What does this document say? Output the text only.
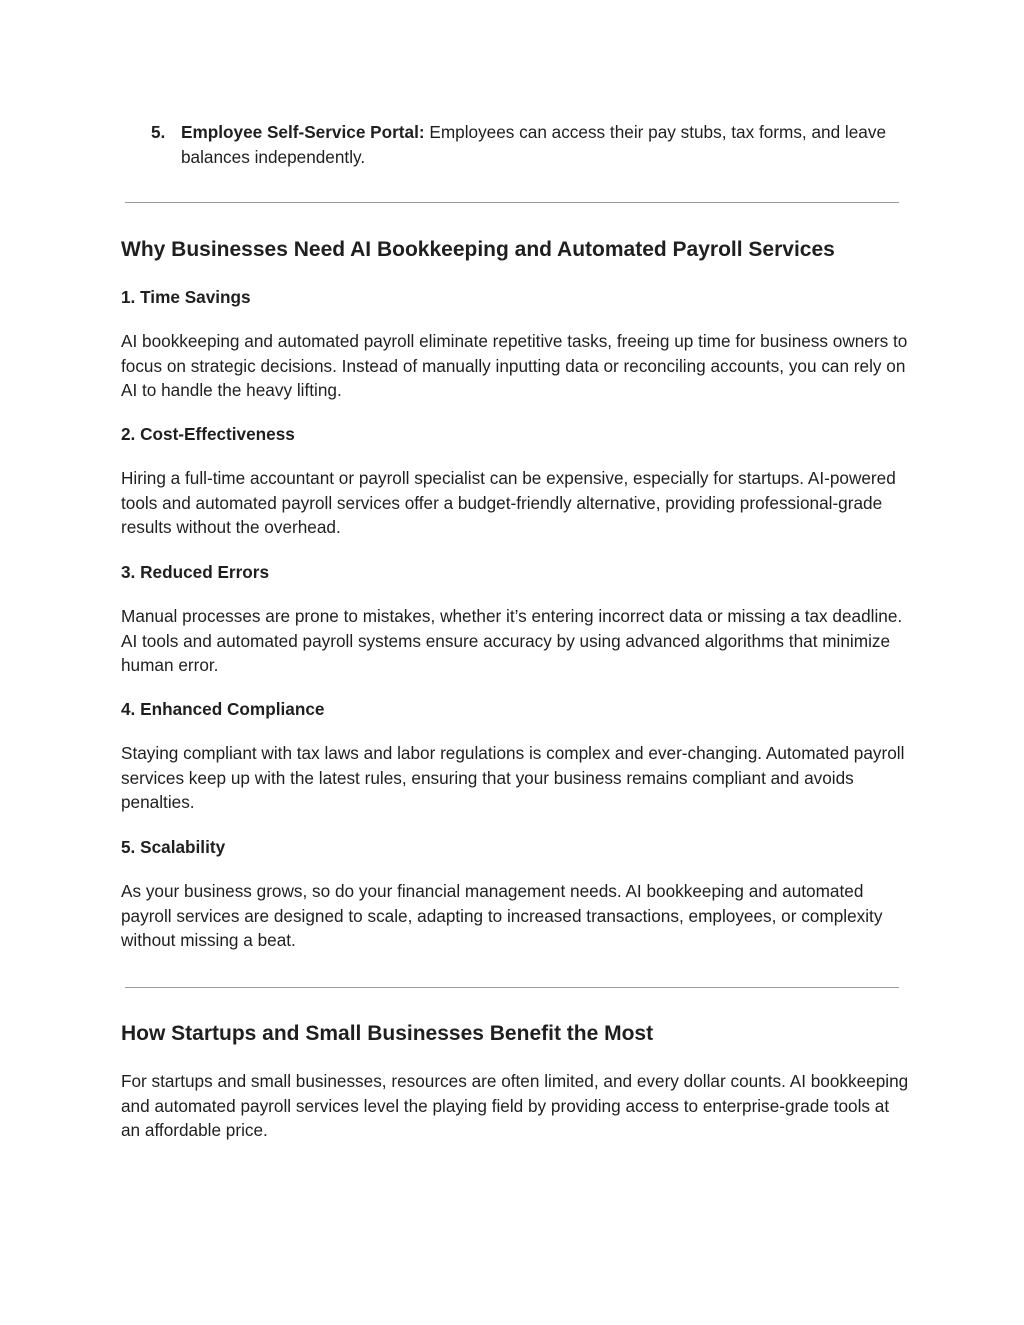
5. Employee Self-Service Portal: Employees can access their pay stubs, tax forms, and leave balances independently.
Why Businesses Need AI Bookkeeping and Automated Payroll Services
1. Time Savings

AI bookkeeping and automated payroll eliminate repetitive tasks, freeing up time for business owners to focus on strategic decisions. Instead of manually inputting data or reconciling accounts, you can rely on AI to handle the heavy lifting.

2. Cost-Effectiveness

Hiring a full-time accountant or payroll specialist can be expensive, especially for startups. AI-powered tools and automated payroll services offer a budget-friendly alternative, providing professional-grade results without the overhead.

3. Reduced Errors

Manual processes are prone to mistakes, whether it’s entering incorrect data or missing a tax deadline. AI tools and automated payroll systems ensure accuracy by using advanced algorithms that minimize human error.

4. Enhanced Compliance

Staying compliant with tax laws and labor regulations is complex and ever-changing. Automated payroll services keep up with the latest rules, ensuring that your business remains compliant and avoids penalties.

5. Scalability

As your business grows, so do your financial management needs. AI bookkeeping and automated payroll services are designed to scale, adapting to increased transactions, employees, or complexity without missing a beat.

How Startups and Small Businesses Benefit the Most

For startups and small businesses, resources are often limited, and every dollar counts. AI bookkeeping and automated payroll services level the playing field by providing access to enterprise-grade tools at an affordable price.
